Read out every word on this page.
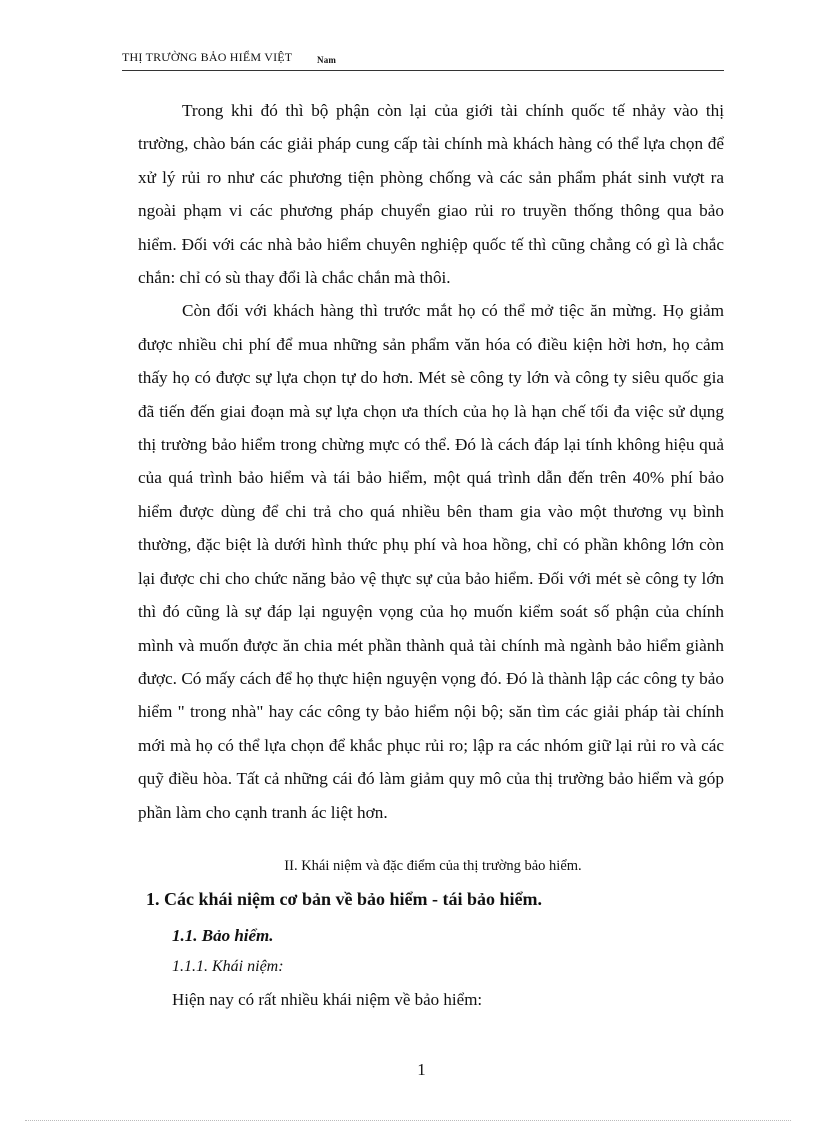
THỊ TRƯỜNG BẢO HIỂM VIỆT	Nam

Trong khi đó thì bộ phận còn lại của giới tài chính quốc tế nhảy vào thị trường, chào bán các giải pháp cung cấp tài chính mà khách hàng có thể lựa chọn để xử lý rủi ro như các phương tiện phòng chống và các sản phẩm phát sinh vượt ra ngoài phạm vi các phương pháp chuyển giao rủi ro truyền thống thông qua bảo hiểm. Đối với các nhà bảo hiểm chuyên nghiệp quốc tế thì cũng chẳng có gì là chắc chắn: chỉ có sù thay đổi là chắc chắn mà thôi.

Còn đối với khách hàng thì trước mắt họ có thể mở tiệc ăn mừng. Họ giảm được nhiều chi phí để mua những sản phẩm văn hóa có điều kiện hời hơn, họ cảm thấy họ có được sự lựa chọn tự do hơn. Mét sè công ty lớn và công ty siêu quốc gia đã tiến đến giai đoạn mà sự lựa chọn ưa thích của họ là hạn chế tối đa việc sử dụng thị trường bảo hiểm trong chừng mực có thể. Đó là cách đáp lại tính không hiệu quả của quá trình bảo hiểm và tái bảo hiểm, một quá trình dẫn đến trên 40% phí bảo hiểm được dùng để chi trả cho quá nhiều bên tham gia vào một thương vụ bình thường, đặc biệt là dưới hình thức phụ phí và hoa hồng, chỉ có phần không lớn còn lại được chi cho chức năng bảo vệ thực sự của bảo hiểm. Đối với mét sè công ty lớn thì đó cũng là sự đáp lại nguyện vọng của họ muốn kiểm soát số phận của chính mình và muốn được ăn chia mét phần thành quả tài chính mà ngành bảo hiểm giành được. Có mấy cách để họ thực hiện nguyện vọng đó. Đó là thành lập các công ty bảo hiểm " trong nhà" hay các công ty bảo hiểm nội bộ; săn tìm các giải pháp tài chính mới mà họ có thể lựa chọn để khắc phục rủi ro; lập ra các nhóm giữ lại rủi ro và các quỹ điều hòa. Tất cả những cái đó làm giảm quy mô của thị trường bảo hiểm và góp phần làm cho cạnh tranh ác liệt hơn.

II. Khái niệm và đặc điểm của thị trường bảo hiểm.
1. Các khái niệm cơ bản về bảo hiểm - tái bảo hiểm.
1.1. Bảo hiểm.
1.1.1. Khái niệm:
Hiện nay có rất nhiều khái niệm về bảo hiểm:
1
